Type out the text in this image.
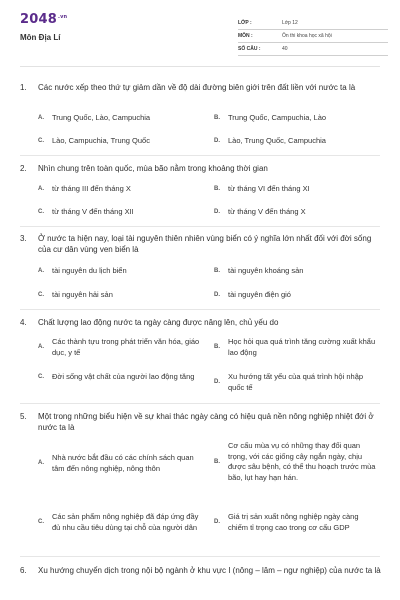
$2048^{.vn}$
Môn Địa Lí
LỚP :	Lớp 12
MÔN :	Ôn thi khoa học xã hội
SỐ CÂU :	40
1.	Các nước xếp theo thứ tự giảm dần về độ dài đường biên giới trên đất liền với nước ta là
A.	Trung Quốc, Lào, Campuchia	B.	Trung Quốc, Campuchia, Lào
C.	Lào, Campuchia, Trung Quốc	D.	Lào, Trung Quốc, Campuchia
2.	Nhìn chung trên toàn quốc, mùa bão nằm trong khoảng thời gian
A.	từ tháng III đến tháng X	B.	từ tháng VI đến tháng XI
C.	từ tháng V đến tháng XII	D.	từ tháng V đến tháng X
3.	Ở nước ta hiện nay, loại tài nguyên thiên nhiên vùng biển có ý nghĩa lớn nhất đối với đời sống của cư dân vùng ven biển là
A.	tài nguyên du lịch biển	B.	tài nguyên khoáng sản
C.	tài nguyên hải sản	D.	tài nguyên điện gió
4.	Chất lượng lao động nước ta ngày càng được nâng lên, chủ yếu do
A.
Các thành tựu trong phát triển văn hóa, giáo dục, y tế
B.
Học hỏi qua quá trình tăng cường xuất khẩu lao động
C.	Đời sống vật chất của người lao động tăng
D.
Xu hướng tất yếu của quá trình hội nhập quốc tế
5.	Một trong những biểu hiện về sự khai thác ngày càng có hiệu quả nền nông nghiệp nhiệt đới ở nước ta là
A.
Nhà nước bắt đầu có các chính sách quan tâm đến nông nghiệp, nông thôn
B.
Cơ cấu mùa vụ có những thay đổi quan trọng, với các giống cây ngắn ngày, chịu được sâu bệnh, có thể thu hoạch trước mùa bão, lụt hay hạn hán.
C.
Các sản phẩm nông nghiệp đã đáp ứng đầy đủ nhu cầu tiêu dùng tại chỗ của người dân
D.
Giá trị sản xuất nông nghiệp ngày càng chiếm tỉ trọng cao trong cơ cấu GDP
6.	Xu hướng chuyển dịch trong nội bộ ngành ở khu vực I (nông – lâm – ngư nghiệp) của nước ta là
